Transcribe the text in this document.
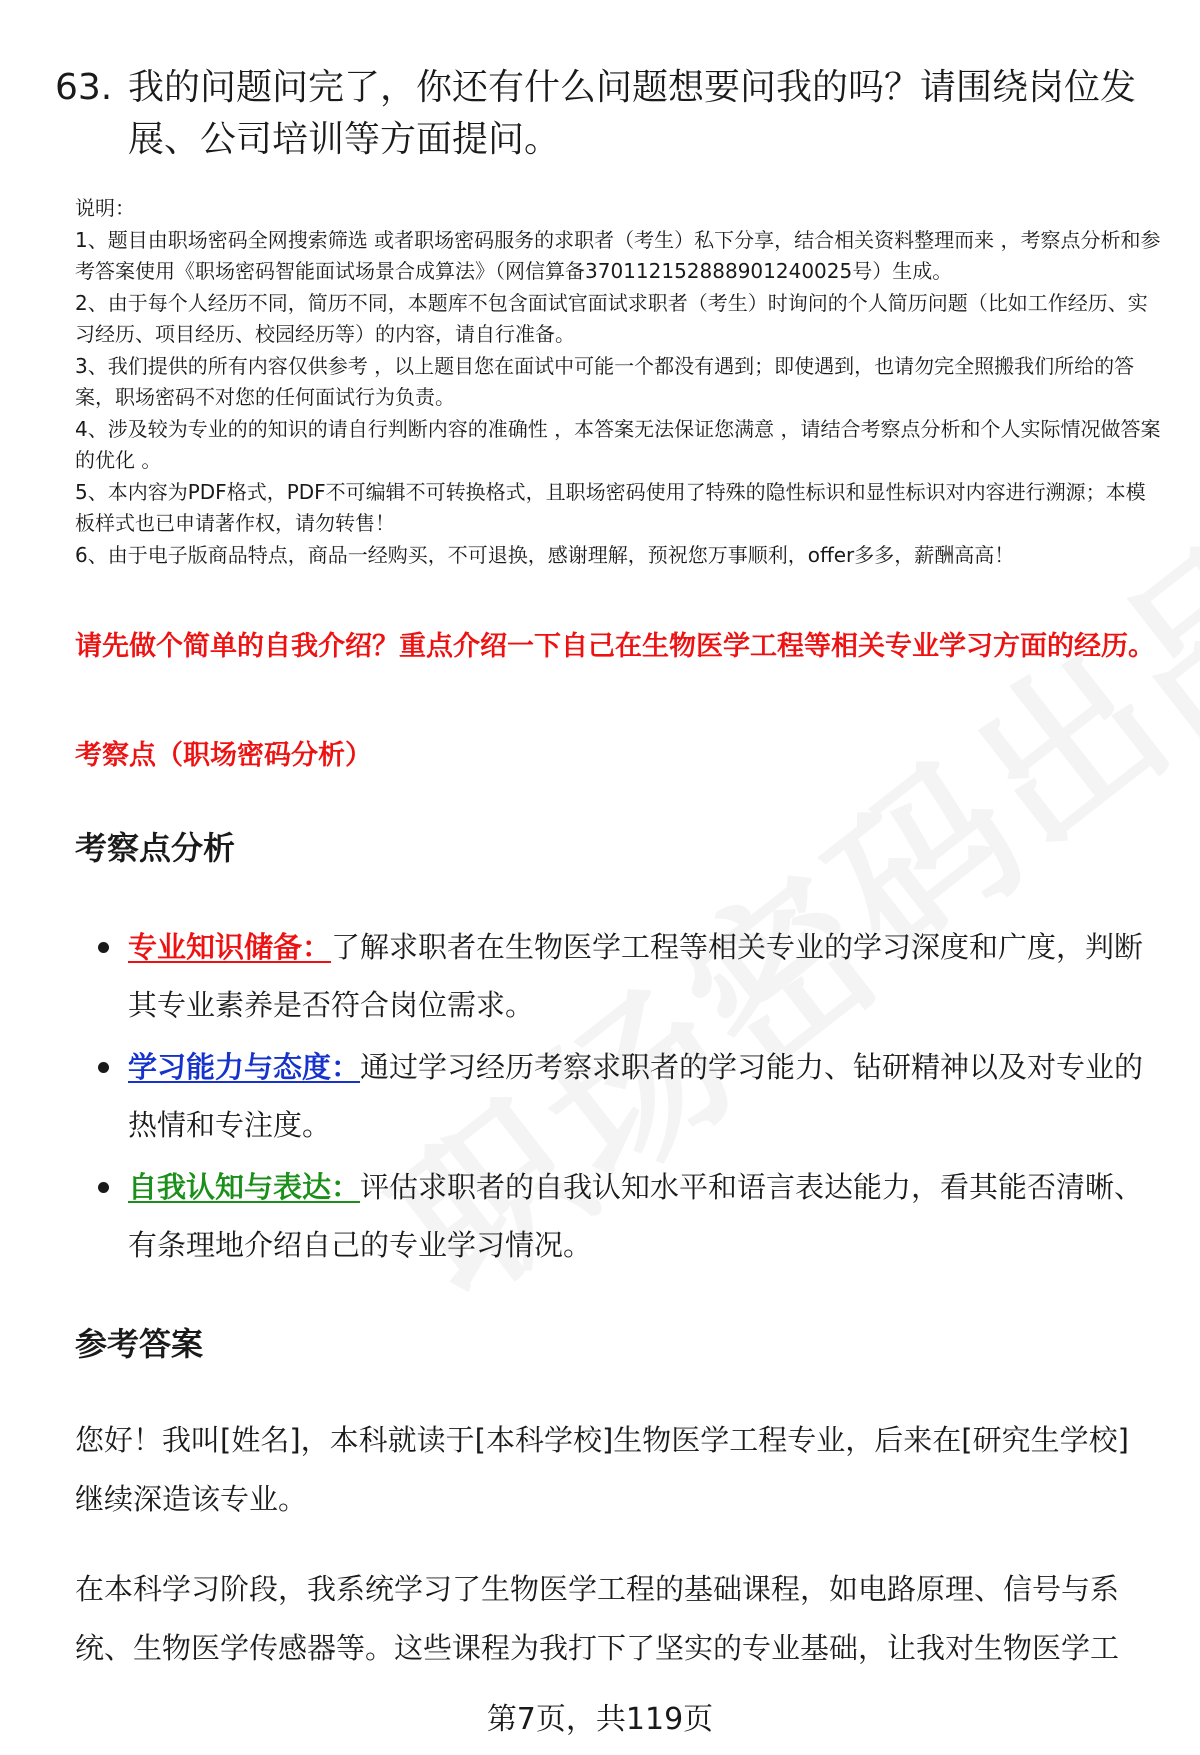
63. 我的问题问完了，你还有什么问题想要问我的吗？请围绕岗位发展、公司培训等方面提问。

说明：

1、题目由职场密码全网搜索筛选 或者职场密码服务的求职者（考生）私下分享，结合相关资料整理而来 ，考察点分析和参考答案使用《职场密码智能面试场景合成算法》（网信算备370112152888901240025号）生成。

2、由于每个人经历不同，简历不同，本题库不包含面试官面试求职者（考生）时询问的个人简历问题（比如工作经历、实习经历、项目经历、校园经历等）的内容，请自行准备。

3、我们提供的所有内容仅供参考 ，以上题目您在面试中可能一个都没有遇到；即使遇到，也请勿完全照搬我们所给的答案，职场密码不对您的任何面试行为负责。

4、涉及较为专业的的知识的请自行判断内容的准确性 ，本答案无法保证您满意 ，请结合考察点分析和个人实际情况做答案的优化 。

5、本内容为PDF格式，PDF不可编辑不可转换格式，且职场密码使用了特殊的隐性标识和显性标识对内容进行溯源；本模板样式也已申请著作权，请勿转售！

6、由于电子版商品特点，商品一经购买，不可退换，感谢理解，预祝您万事顺利，offer多多，薪酬高高！

请先做个简单的自我介绍？重点介绍一下自己在生物医学工程等相关专业学习方面的经历。
考察点（职场密码分析）
考察点分析
专业知识储备：了解求职者在生物医学工程等相关专业的学习深度和广度，判断其专业素养是否符合岗位需求。
学习能力与态度：通过学习经历考察求职者的学习能力、钻研精神以及对专业的热情和专注度。
自我认知与表达：评估求职者的自我认知水平和语言表达能力，看其能否清晰、有条理地介绍自己的专业学习情况。
参考答案

您好！我叫[姓名]，本科就读于[本科学校]生物医学工程专业，后来在[研究生学校]继续深造该专业。

在本科学习阶段，我系统学习了生物医学工程的基础课程，如电路原理、信号与系统、生物医学传感器等。这些课程为我打下了坚实的专业基础，让我对生物医学工

第7页，共119页
